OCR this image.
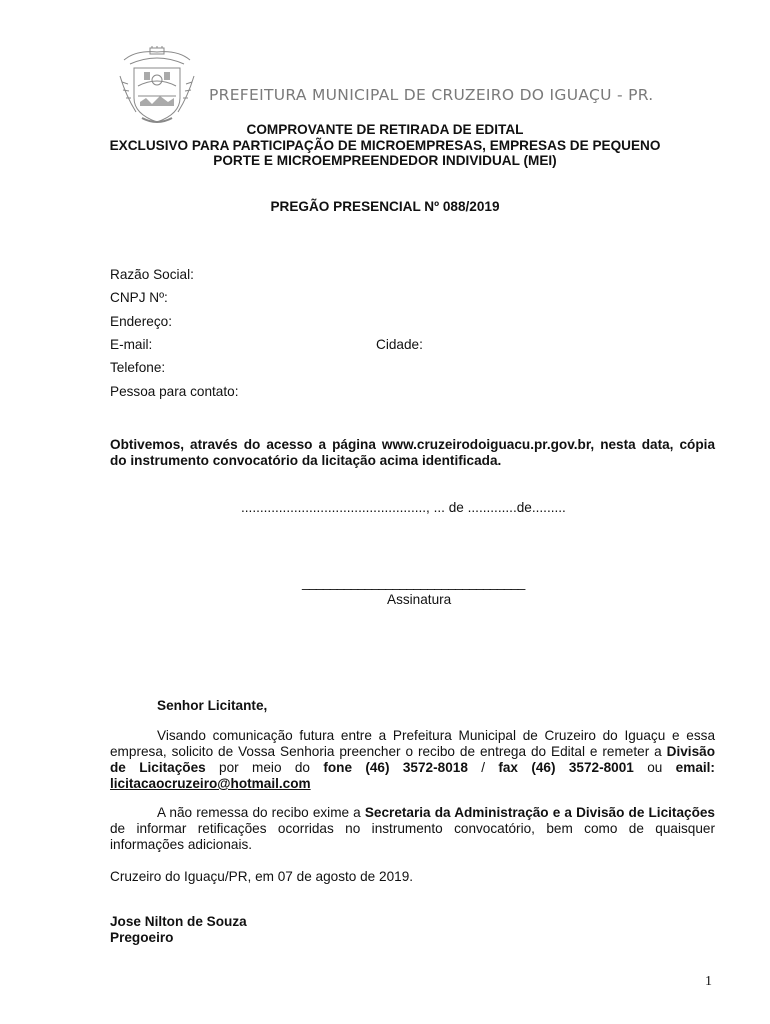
PREFEITURA MUNICIPAL DE CRUZEIRO DO IGUAÇU - PR.
COMPROVANTE DE RETIRADA DE EDITAL
EXCLUSIVO PARA PARTICIPAÇÃO DE MICROEMPRESAS, EMPRESAS DE PEQUENO
PORTE E MICROEMPREENDEDOR INDIVIDUAL (MEI)
PREGÃO PRESENCIAL Nº 088/2019
Razão Social:
CNPJ Nº:
Endereço:
E-mail:	Cidade:
Telefone:
Pessoa para contato:
Obtivemos, através do acesso a página www.cruzeirodoiguacu.pr.gov.br, nesta data, cópia do instrumento convocatório da licitação acima identificada.
................................................., ... de .............de.........
________________________________
Assinatura
Senhor Licitante,
Visando comunicação futura entre a Prefeitura Municipal de Cruzeiro do Iguaçu e essa empresa, solicito de Vossa Senhoria preencher o recibo de entrega do Edital e remeter a Divisão de Licitações por meio do fone (46) 3572-8018 / fax (46) 3572-8001 ou email: licitacaocruzeiro@hotmail.com
A não remessa do recibo exime a Secretaria da Administração e a Divisão de Licitações de informar retificações ocorridas no instrumento convocatório, bem como de quaisquer informações adicionais.
Cruzeiro do Iguaçu/PR, em 07 de agosto de 2019.
Jose Nilton de Souza
Pregoeiro
1
